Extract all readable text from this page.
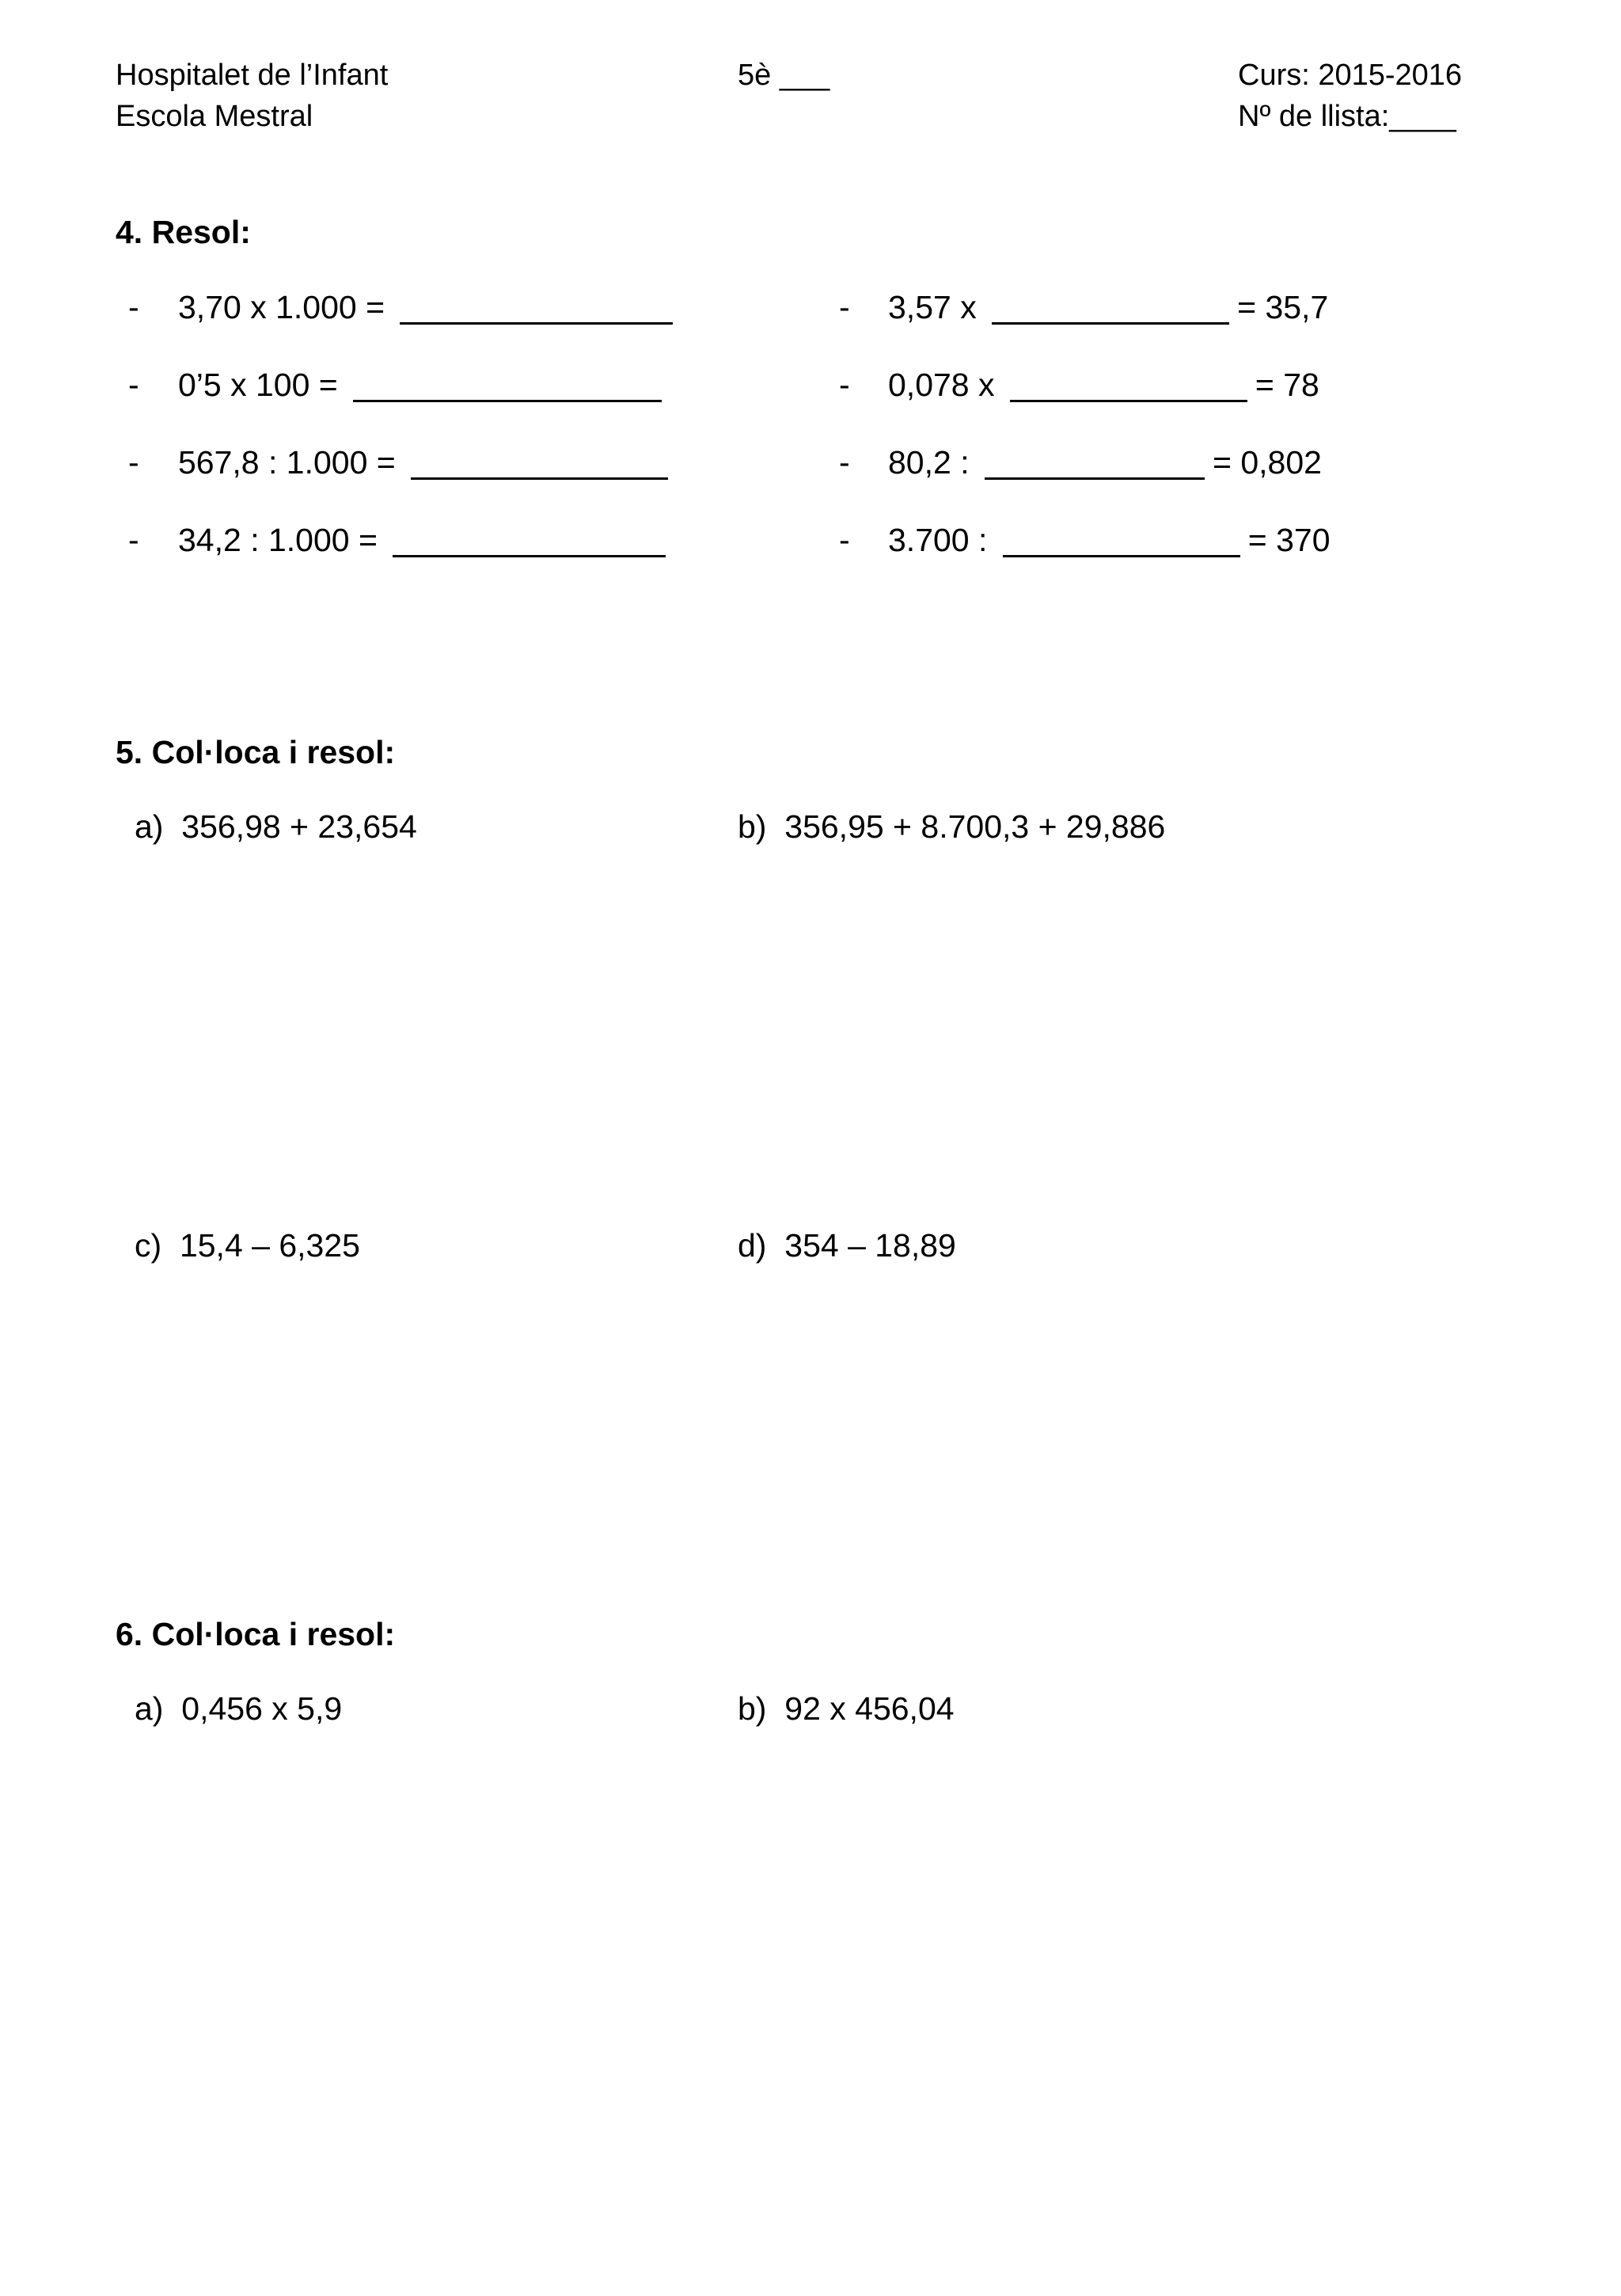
Hospitalet de l’Infant
Escola Mestral
5è ___	Curs: 2015-2016
Nº de llista:____
4. Resol:
- 3,70 x 1.000 =
- 0’5 x 100 =
- 567,8 : 1.000 =
- 34,2 : 1.000 =
- 3,57 x	= 35,7
- 0,078 x	= 78
- 80,2 :	= 0,802
- 3.700 :	= 370
5. Col·loca i resol:
a) 356,98 + 23,654	b) 356,95 + 8.700,3 + 29,886
c) 15,4 – 6,325	d) 354 – 18,89
6. Col·loca i resol:
a) 0,456 x 5,9	b) 92 x 456,04
